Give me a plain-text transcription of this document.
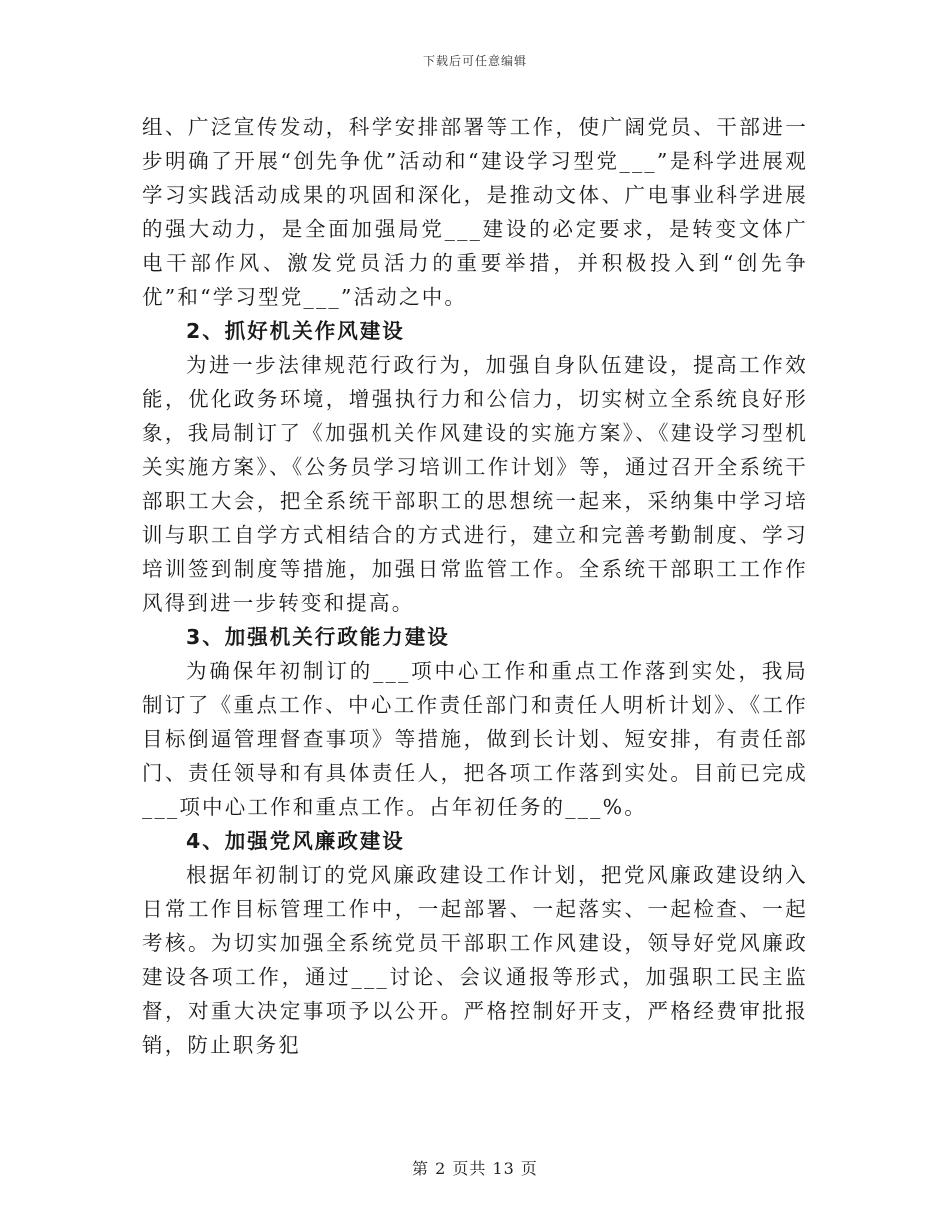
下载后可任意编辑

组、广泛宣传发动，科学安排部署等工作，使广阔党员、干部进一步明确了开展“创先争优”活动和“建设学习型党___”是科学进展观学习实践活动成果的巩固和深化，是推动文体、广电事业科学进展的强大动力，是全面加强局党___建设的必定要求，是转变文体广电干部作风、激发党员活力的重要举措，并积极投入到“创先争优”和“学习型党___”活动之中。

2、抓好机关作风建设

为进一步法律规范行政行为，加强自身队伍建设，提高工作效能，优化政务环境，增强执行力和公信力，切实树立全系统良好形象，我局制订了《加强机关作风建设的实施方案》、《建设学习型机关实施方案》、《公务员学习培训工作计划》等，通过召开全系统干部职工大会，把全系统干部职工的思想统一起来，采纳集中学习培训与职工自学方式相结合的方式进行，建立和完善考勤制度、学习培训签到制度等措施，加强日常监管工作。全系统干部职工工作作风得到进一步转变和提高。

3、加强机关行政能力建设

为确保年初制订的___项中心工作和重点工作落到实处，我局制订了《重点工作、中心工作责任部门和责任人明析计划》、《工作目标倒逼管理督查事项》等措施，做到长计划、短安排，有责任部门、责任领导和有具体责任人，把各项工作落到实处。目前已完成___项中心工作和重点工作。占年初任务的___%。

4、加强党风廉政建设

根据年初制订的党风廉政建设工作计划，把党风廉政建设纳入日常工作目标管理工作中，一起部署、一起落实、一起检查、一起考核。为切实加强全系统党员干部职工作风建设，领导好党风廉政建设各项工作，通过___讨论、会议通报等形式，加强职工民主监督，对重大决定事项予以公开。严格控制好开支，严格经费审批报销，防止职务犯

第 2 页共 13 页
